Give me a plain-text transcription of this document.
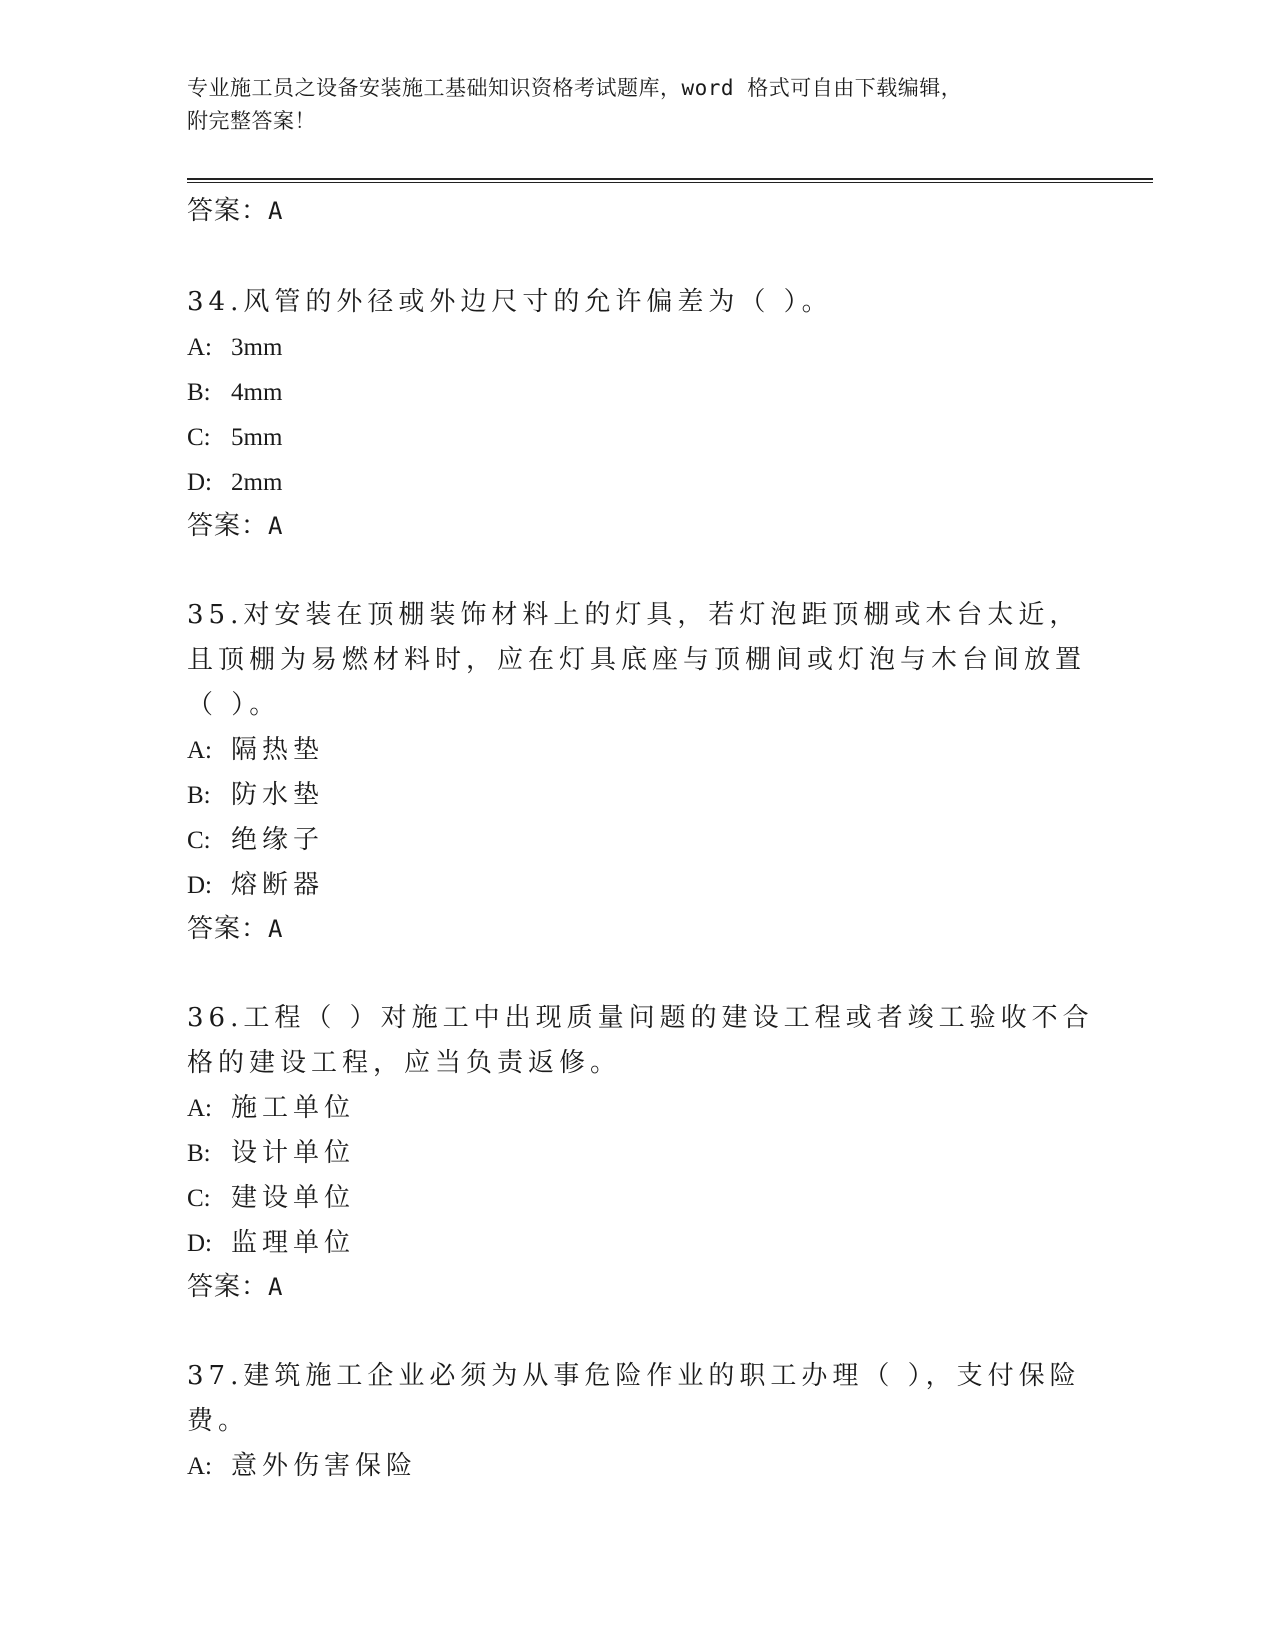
专业施工员之设备安装施工基础知识资格考试题库，word 格式可自由下载编辑，
附完整答案！
答案： A
34.风管的外径或外边尺寸的允许偏差为（ ）。
A: 3mm
B: 4mm
C: 5mm
D: 2mm
答案： A
35.对安装在顶棚装饰材料上的灯具，若灯泡距顶棚或木台太近，且顶棚为易燃材料时，应在灯具底座与顶棚间或灯泡与木台间放置（ ）。
A: 隔热垫
B: 防水垫
C: 绝缘子
D: 熔断器
答案： A
36.工程（ ）对施工中出现质量问题的建设工程或者竣工验收不合格的建设工程，应当负责返修。
A: 施工单位
B: 设计单位
C: 建设单位
D: 监理单位
答案： A
37.建筑施工企业必须为从事危险作业的职工办理（ ），支付保险费。
A: 意外伤害保险
